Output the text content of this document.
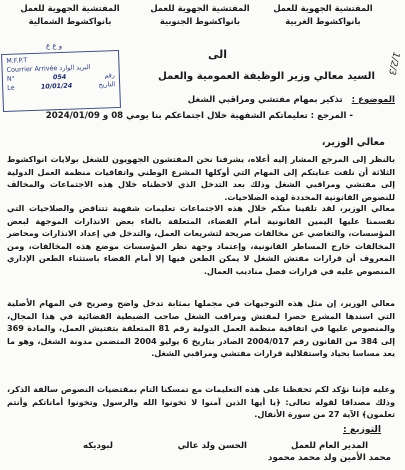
المفتشية الجهوية للعمل
بانواكشوط الغربية
المفتشية الجهوية للعمل
بانواكشوط الجنوبية
المفتشية الجهوية للعمل
بانواكشوط الشمالية
1/2/3
و ع ع
M.F.P.T
Courrier Arrivée البريد الوارد
N°	054	رقم
Le	10/01/24	التاريخ
الى
السيد معالي وزير الوظيفة العمومية والعمل
الموضوع : تذكير بمهام مفتشي ومراقبي الشغل
- المرجع : تعليماتكم الشفهية خلال اجتماعكم بنا يومي 08 و 2024/01/09
معالي الوزير،
بالنظر إلى المرجع المشار إليه أعلاه، يشرفنا نحن المفتشون الجهويون للشغل بولايات انواكشوط الثلاثة أن نلفت عنايتكم إلى المهام التي أوكلها المشرع الوطني واتفاقيات منظمة العمل الدولية إلى مفتشي ومراقبي الشغل وذلك بعد التدخل الذي لاحظناه خلال هذه الاجتماعات والمخالف للنصوص القانونية المحددة لهذه الصلاحيات.
معالي الوزير، لقد تلقينا منكم خلال هذه الاجتماعات تعليمات شفهية تتناقض والصلاحيات التي تقسمنا عليها اليمين القانونية أمام القضاء، المتعلقة بالغاء بعض الانذارات الموجهة لبعض المؤسسات، والتغاضي عن مخالفات صريحة لتشريعات العمل، والتدخل في إعداد الانذارات ومحاضر المخالفات خارج المساطر القانونية، وإعتماد وجهة نظر المؤسسات موضع هذه المخالفات، ومن المعروف أن قرارات مفتش الشغل لا يمكن الطعن فيها إلا أمام القضاء باستثناء الطعن الإداري المنصوص عليه في قرارات فصل مناديب العمال.
معالي الوزير، إن مثل هذه التوجيهات في مجملها بمثابة تدخل واضح وصريح في المهام الأصلية التي اسندها المشرع حصرا لمفتش ومراقب الشغل صاحب الضبطية القضائية في هذا المجال، والمنصوص عليها في اتفاقية منظمة العمل الدولية رقم 81 المتعلقة بتفتيش العمل، والمادة 369 إلى 384 من القانون رقم 2004/017 الصادر بتاريخ 6 يوليو 2004 المتضمن مدونة الشغل، وهو ما يعد مساسا بحياد واستقلالية قرارات مفتشي ومراقبي الشغل.
وعليه فإننا نؤكد لكم تحفظنا على هذه التعليمات مع تمسكنا التام بمقتضيات النصوص سالفة الذكر، وذلك مصداقا لقوله تعالى: ﴿يا أيها الذين آمنوا لا تخونوا الله والرسول وتخونوا أماناتكم وأنتم تعلمون﴾ الآية 27 من سورة الأنفال.
التوزيع :
المدير العام للعمل
محمد الأمين ولد محمد محمود
الحسن ولد عالي
لبوديكه
